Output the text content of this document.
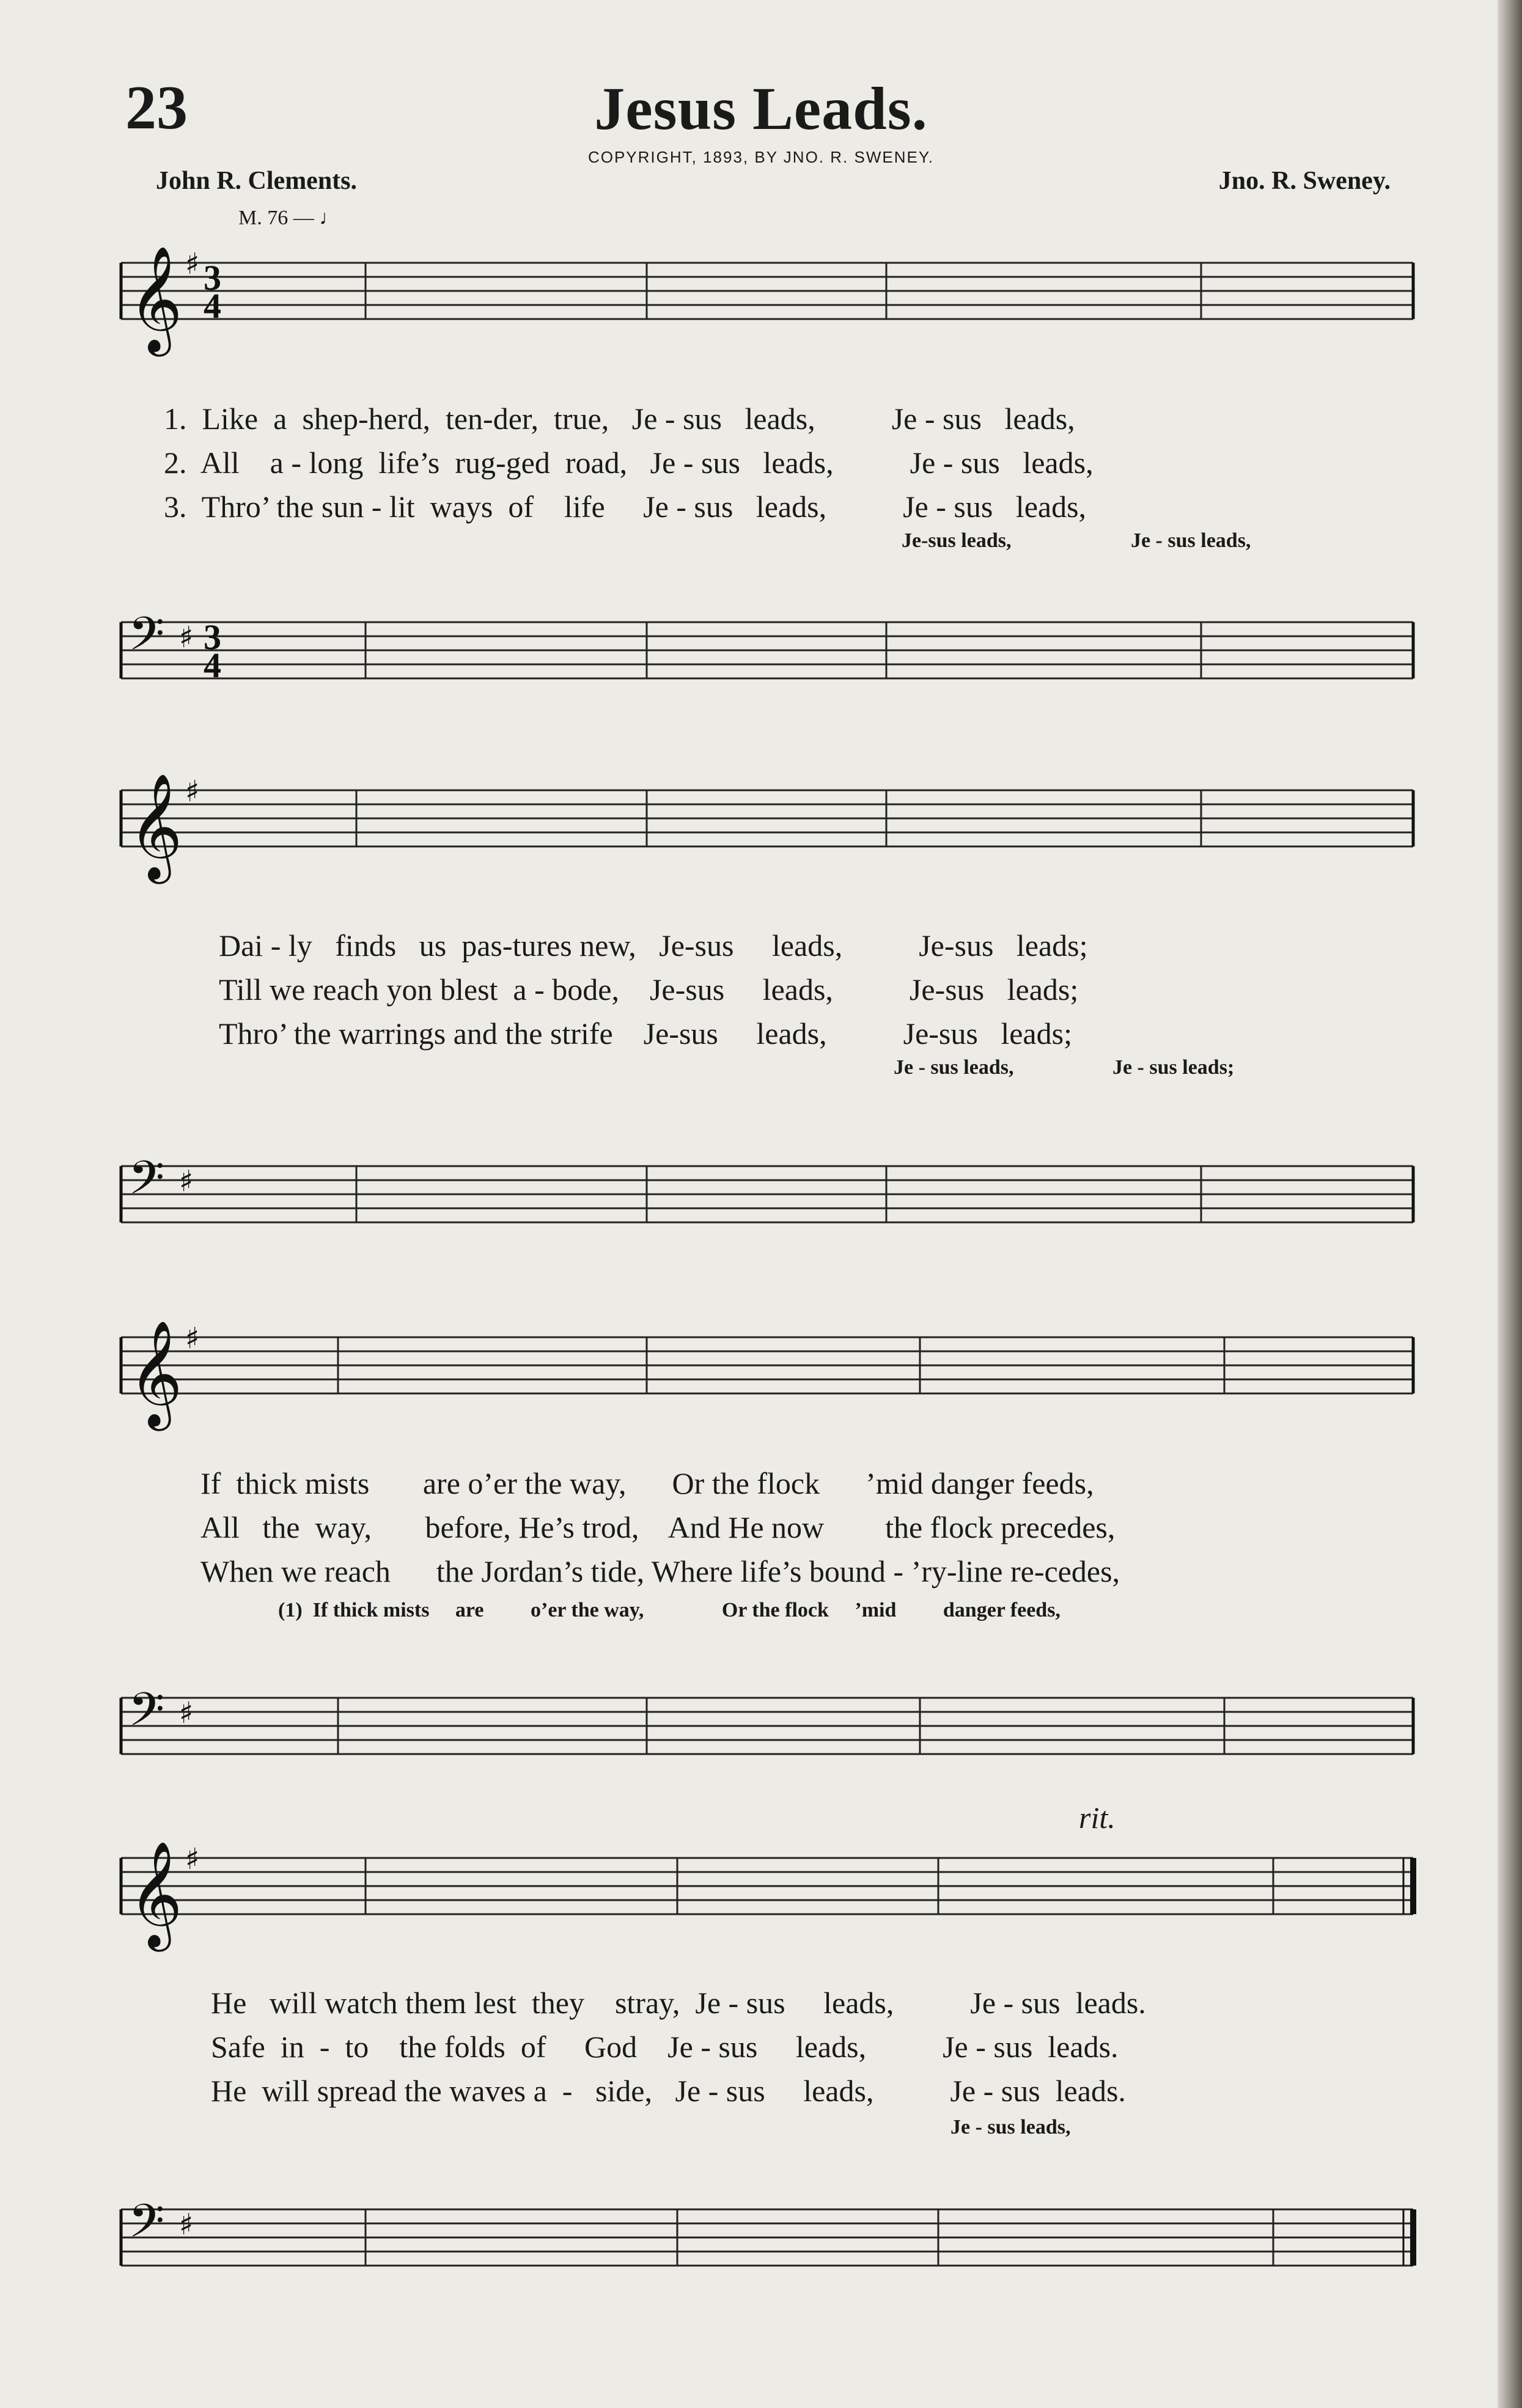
23	Jesus Leads.
COPYRIGHT, 1893, BY JNO. R. SWENEY.
John R. Clements.	Jno. R. Sweney.
M. 76 — ♩
𝄞 ♯ 3
4
𝄢 ♯ 3
4
𝄞 ♯
𝄢 ♯
𝄞 ♯
𝄢 ♯
𝄞 ♯
𝄢 ♯
1.  Like  a  shep-herd,  ten-der,  true,   Je - sus   leads,          Je - sus   leads,
2.  All    a - long  life’s  rug-ged  road,   Je - sus   leads,          Je - sus   leads,
3.  Thro’ the sun - lit  ways  of    life     Je - sus   leads,          Je - sus   leads,
Je-sus leads,                       Je - sus leads,
Dai - ly   finds   us  pas-tures new,   Je-sus     leads,          Je-sus   leads;
Till we reach yon blest  a - bode,    Je-sus     leads,          Je-sus   leads;
Thro’ the warrings and the strife    Je-sus     leads,          Je-sus   leads;
Je - sus leads,                   Je - sus leads;
If  thick mists       are o’er the way,      Or the flock      ’mid danger feeds,
All   the  way,       before, He’s trod,    And He now        the flock precedes,
When we reach      the Jordan’s tide, Where life’s bound - ’ry-line re-cedes,
(1)  If thick mists     are         o’er the way,               Or the flock     ’mid         danger feeds,
rit.
He   will watch them lest  they    stray,  Je - sus     leads,          Je - sus  leads.
Safe  in  -  to    the folds  of     God    Je - sus     leads,          Je - sus  leads.
He  will spread the waves a  -   side,   Je - sus     leads,          Je - sus  leads.
Je - sus leads,
